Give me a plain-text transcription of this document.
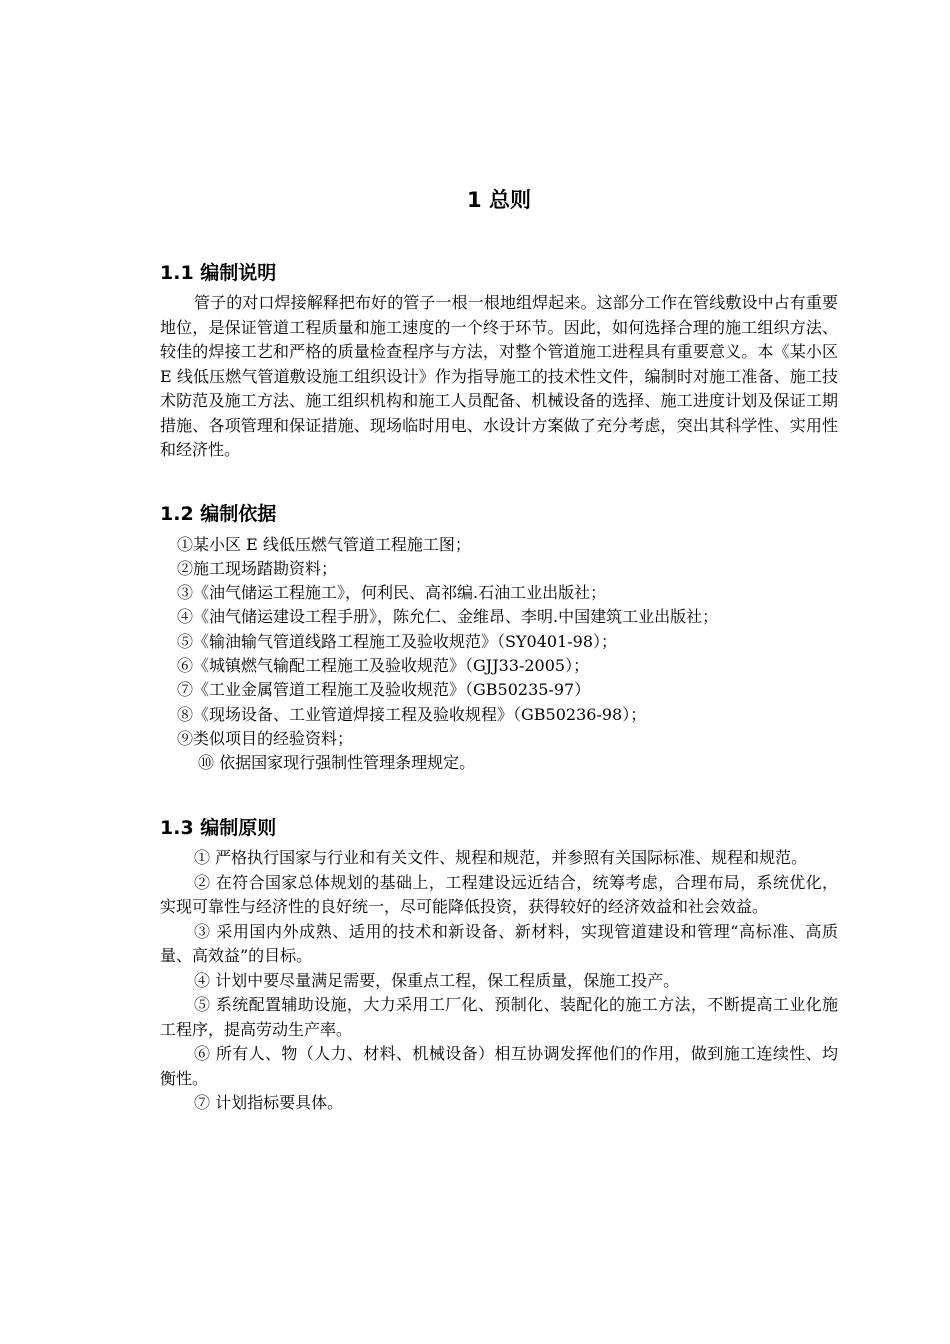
1 总则
1.1 编制说明

管子的对口焊接解释把布好的管子一根一根地组焊起来。这部分工作在管线敷设中占有重要地位，是保证管道工程质量和施工速度的一个终于环节。因此，如何选择合理的施工组织方法、较佳的焊接工艺和严格的质量检查程序与方法，对整个管道施工进程具有重要意义。本《某小区 E 线低压燃气管道敷设施工组织设计》作为指导施工的技术性文件，编制时对施工准备、施工技术防范及施工方法、施工组织机构和施工人员配备、机械设备的选择、施工进度计划及保证工期措施、各项管理和保证措施、现场临时用电、水设计方案做了充分考虑，突出其科学性、实用性和经济性。

1.2 编制依据
①某小区 E 线低压燃气管道工程施工图；
②施工现场踏勘资料；
③《油气储运工程施工》，何利民、高祁编.石油工业出版社；
④《油气储运建设工程手册》，陈允仁、金维昂、李明.中国建筑工业出版社；
⑤《输油输气管道线路工程施工及验收规范》（SY0401-98）；
⑥《城镇燃气输配工程施工及验收规范》（GJJ33-2005）；
⑦《工业金属管道工程施工及验收规范》（GB50235-97）
⑧《现场设备、工业管道焊接工程及验收规程》（GB50236-98）；
⑨类似项目的经验资料；
⑩ 依据国家现行强制性管理条理规定。
1.3 编制原则
① 严格执行国家与行业和有关文件、规程和规范，并参照有关国际标准、规程和规范。
② 在符合国家总体规划的基础上，工程建设远近结合，统筹考虑，合理布局，系统优化，实现可靠性与经济性的良好统一，尽可能降低投资，获得较好的经济效益和社会效益。
③ 采用国内外成熟、适用的技术和新设备、新材料，实现管道建设和管理“高标准、高质量、高效益”的目标。
④ 计划中要尽量满足需要，保重点工程，保工程质量，保施工投产。
⑤ 系统配置辅助设施，大力采用工厂化、预制化、装配化的施工方法，不断提高工业化施工程序，提高劳动生产率。
⑥ 所有人、物（人力、材料、机械设备）相互协调发挥他们的作用，做到施工连续性、均衡性。
⑦ 计划指标要具体。
